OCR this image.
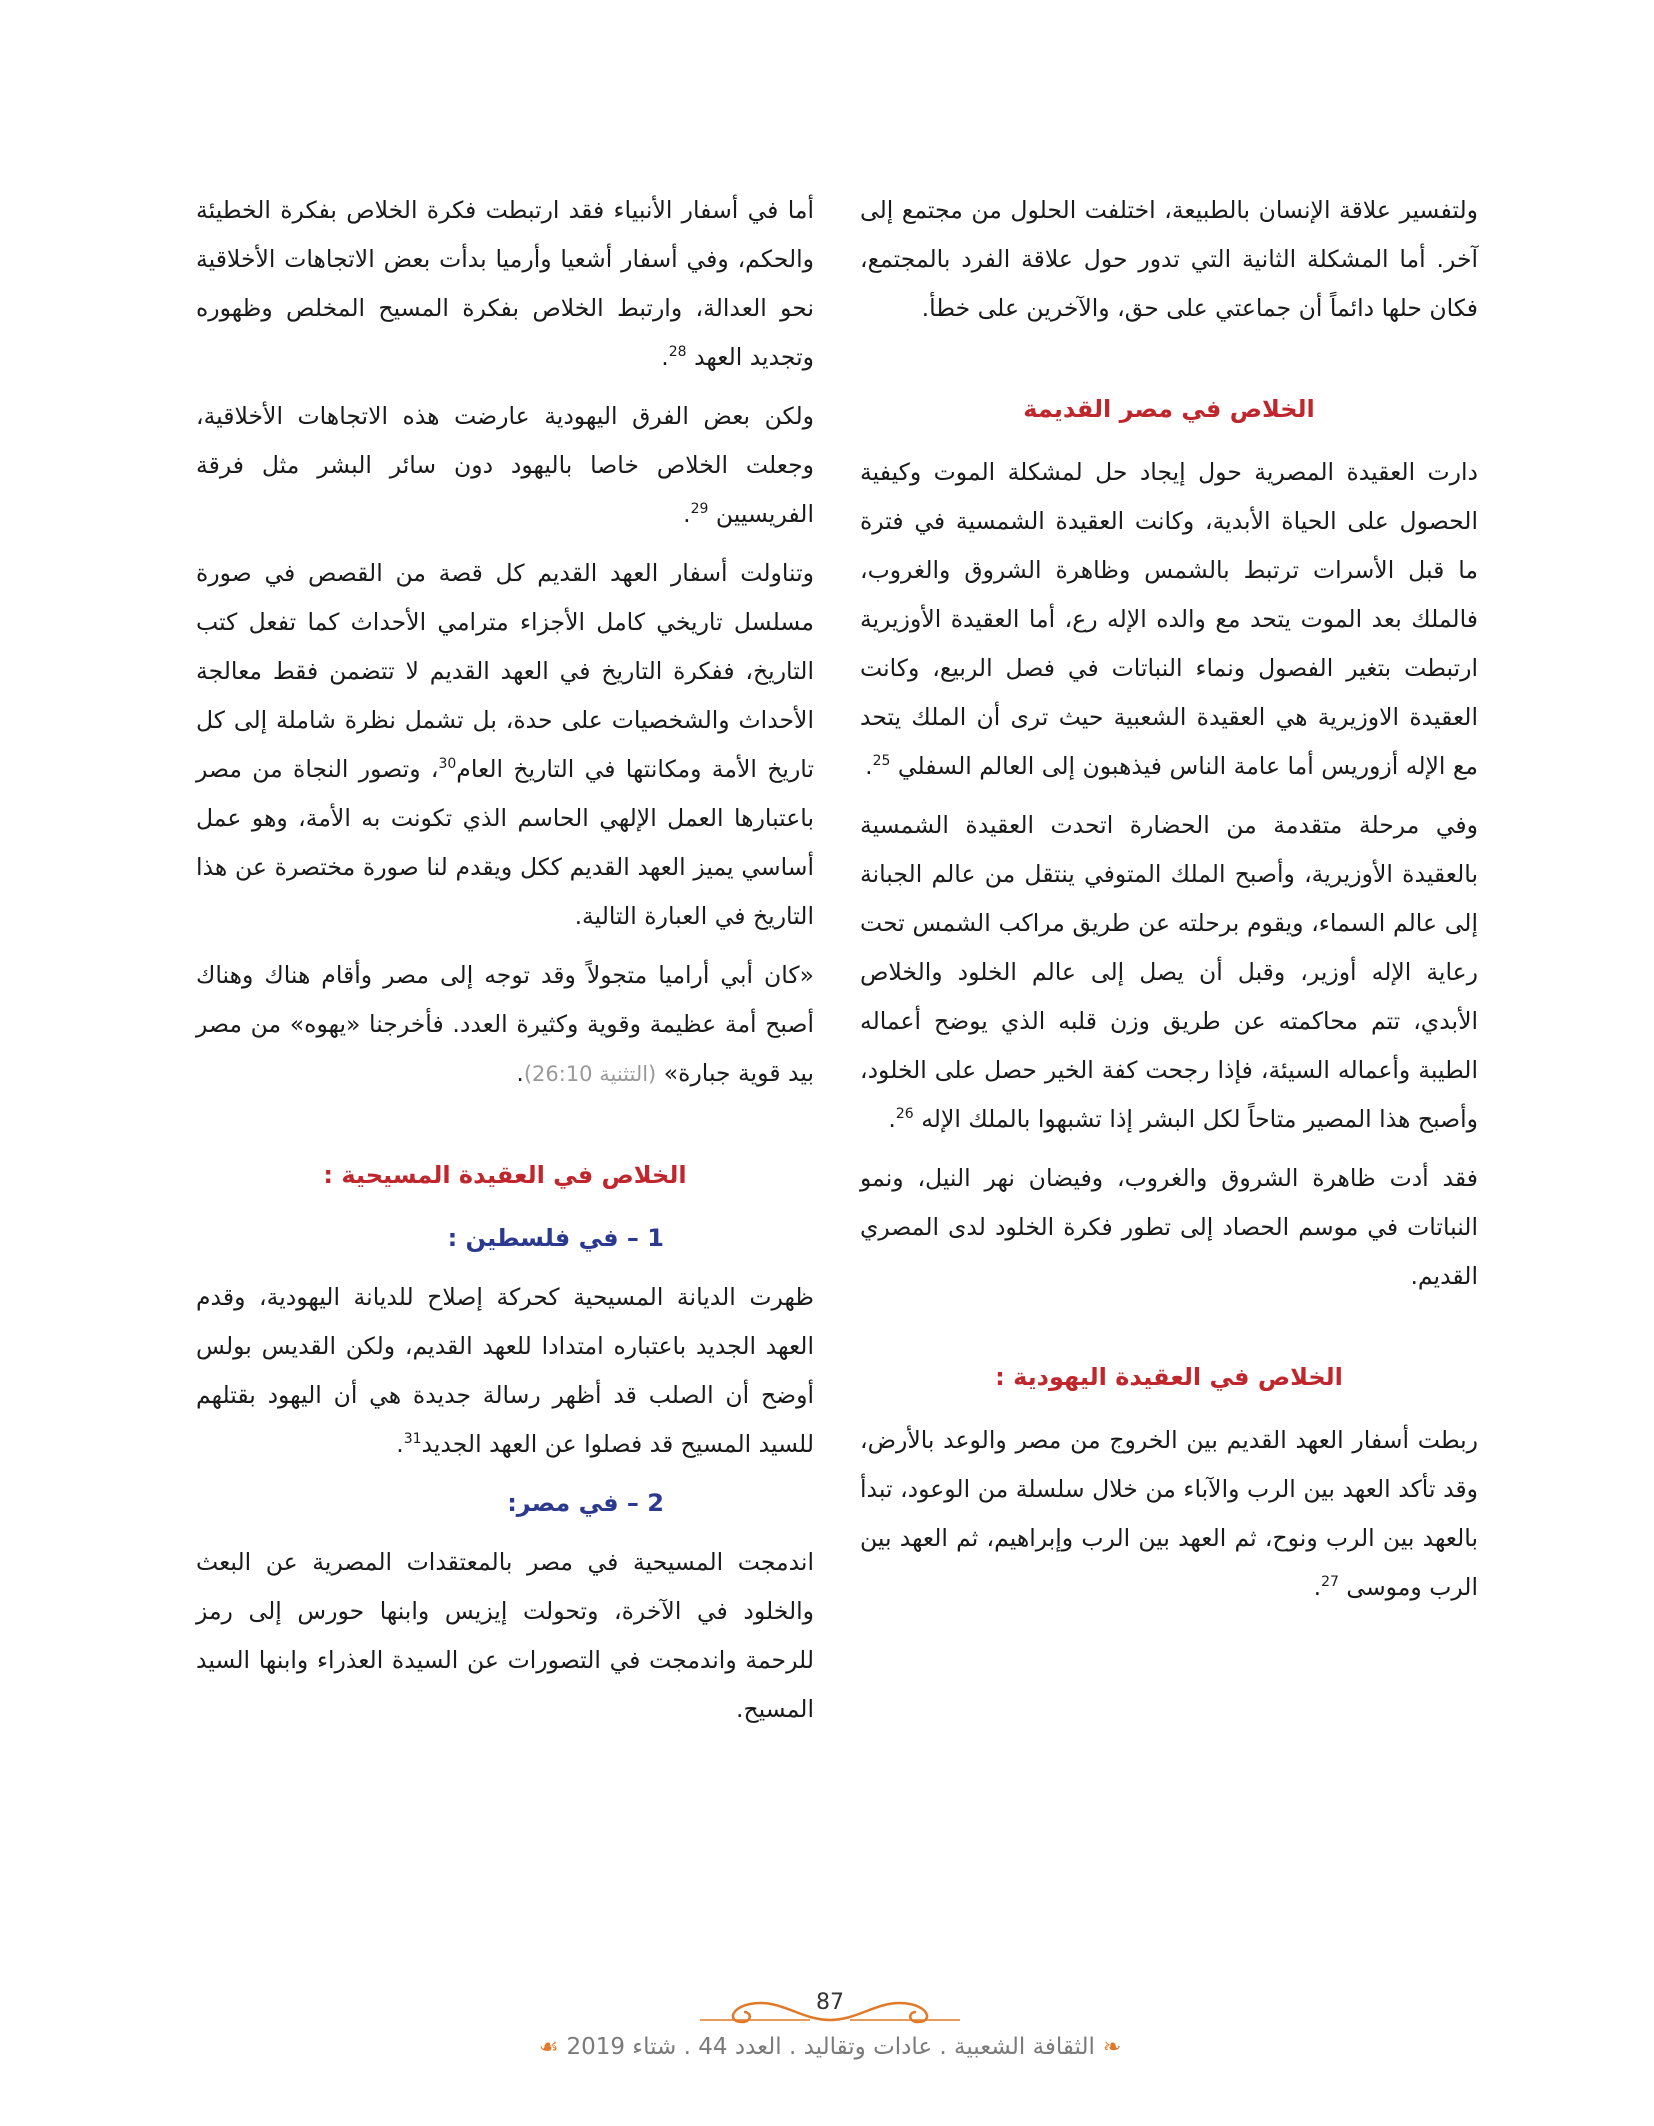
ولتفسير علاقة الإنسان بالطبيعة، اختلفت الحلول من مجتمع إلى آخر. أما المشكلة الثانية التي تدور حول علاقة الفرد بالمجتمع، فكان حلها دائماً أن جماعتي على حق، والآخرين على خطأ.

الخلاص في مصر القديمة

دارت العقيدة المصرية حول إيجاد حل لمشكلة الموت وكيفية الحصول على الحياة الأبدية، وكانت العقيدة الشمسية في فترة ما قبل الأسرات ترتبط بالشمس وظاهرة الشروق والغروب، فالملك بعد الموت يتحد مع والده الإله رع، أما العقيدة الأوزيرية ارتبطت بتغير الفصول ونماء النباتات في فصل الربيع، وكانت العقيدة الاوزيرية هي العقيدة الشعبية حيث ترى أن الملك يتحد مع الإله أزوريس أما عامة الناس فيذهبون إلى العالم السفلي $^{25}$.

وفي مرحلة متقدمة من الحضارة اتحدت العقيدة الشمسية بالعقيدة الأوزيرية، وأصبح الملك المتوفي ينتقل من عالم الجبانة إلى عالم السماء، ويقوم برحلته عن طريق مراكب الشمس تحت رعاية الإله أوزير، وقبل أن يصل إلى عالم الخلود والخلاص الأبدي، تتم محاكمته عن طريق وزن قلبه الذي يوضح أعماله الطيبة وأعماله السيئة، فإذا رجحت كفة الخير حصل على الخلود، وأصبح هذا المصير متاحاً لكل البشر إذا تشبهوا بالملك الإله $^{26}$.

فقد أدت ظاهرة الشروق والغروب، وفيضان نهر النيل، ونمو النباتات في موسم الحصاد إلى تطور فكرة الخلود لدى المصري القديم.

الخلاص في العقيدة اليهودية :

ربطت أسفار العهد القديم بين الخروج من مصر والوعد بالأرض، وقد تأكد العهد بين الرب والآباء من خلال سلسلة من الوعود، تبدأ بالعهد بين الرب ونوح، ثم العهد بين الرب وإبراهيم، ثم العهد بين الرب وموسى $^{27}$.

أما في أسفار الأنبياء فقد ارتبطت فكرة الخلاص بفكرة الخطيئة والحكم، وفي أسفار أشعيا وأرميا بدأت بعض الاتجاهات الأخلاقية نحو العدالة، وارتبط الخلاص بفكرة المسيح المخلص وظهوره وتجديد العهد $^{28}$.

ولكن بعض الفرق اليهودية عارضت هذه الاتجاهات الأخلاقية، وجعلت الخلاص خاصا باليهود دون سائر البشر مثل فرقة الفريسيين $^{29}$.

وتناولت أسفار العهد القديم كل قصة من القصص في صورة مسلسل تاريخي كامل الأجزاء مترامي الأحداث كما تفعل كتب التاريخ، ففكرة التاريخ في العهد القديم لا تتضمن فقط معالجة الأحداث والشخصيات على حدة، بل تشمل نظرة شاملة إلى كل تاريخ الأمة ومكانتها في التاريخ العام$^{30}$، وتصور النجاة من مصر باعتبارها العمل الإلهي الحاسم الذي تكونت به الأمة، وهو عمل أساسي يميز العهد القديم ككل ويقدم لنا صورة مختصرة عن هذا التاريخ في العبارة التالية.

«كان أبي أراميا متجولاً وقد توجه إلى مصر وأقام هناك وهناك أصبح أمة عظيمة وقوية وكثيرة العدد. فأخرجنا «يهوه» من مصر بيد قوية جبارة» (التثنية 26:10).

الخلاص في العقيدة المسيحية :
1 – في فلسطين :

ظهرت الديانة المسيحية كحركة إصلاح للديانة اليهودية، وقدم العهد الجديد باعتباره امتدادا للعهد القديم، ولكن القديس بولس أوضح أن الصلب قد أظهر رسالة جديدة هي أن اليهود بقتلهم للسيد المسيح قد فصلوا عن العهد الجديد$^{31}$.

2 – في مصر:

اندمجت المسيحية في مصر بالمعتقدات المصرية عن البعث والخلود في الآخرة، وتحولت إيزيس وابنها حورس إلى رمز للرحمة واندمجت في التصورات عن السيدة العذراء وابنها السيد المسيح.

87
❧
الثقافة الشعبية . عادات وتقاليد . العدد 44 . شتاء 2019
☙
